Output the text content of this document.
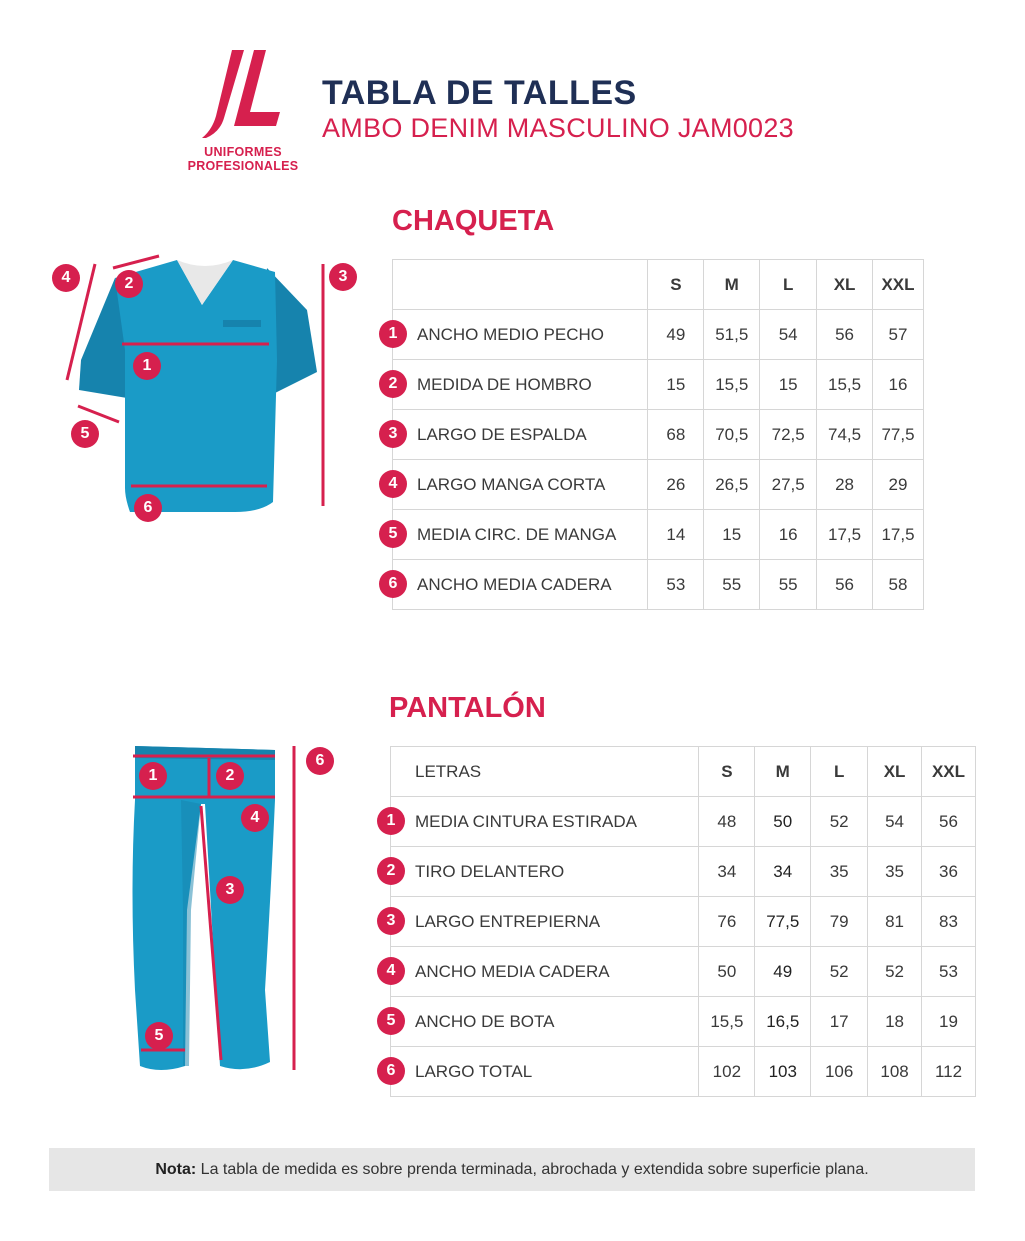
UNIFORMES
PROFESIONALES
TABLA DE TALLES
AMBO DENIM MASCULINO JAM0023
CHAQUETA
4	2	3
1
5
6
	S	M	L	XL	XXL

1 ANCHO MEDIO PECHO	49	51,5	54	56	57

2 MEDIDA DE HOMBRO	15	15,5	15	15,5	16

3 LARGO DE ESPALDA	68	70,5	72,5	74,5	77,5

4 LARGO MANGA CORTA	26	26,5	27,5	28	29

5 MEDIA CIRC. DE MANGA	14	15	16	17,5	17,5

6 ANCHO MEDIA CADERA	53	55	55	56	58
PANTALÓN
1	2
6
4
3
5
LETRAS	S	M	L	XL	XXL

1 MEDIA CINTURA ESTIRADA	48	50	52	54	56

2 TIRO DELANTERO	34	34	35	35	36

3 LARGO ENTREPIERNA	76	77,5	79	81	83

4 ANCHO MEDIA CADERA	50	49	52	52	53

5 ANCHO DE BOTA	15,5	16,5	17	18	19

6 LARGO TOTAL	102	103	106	108	112
Nota: La tabla de medida es sobre prenda terminada, abrochada y extendida sobre superficie plana.
